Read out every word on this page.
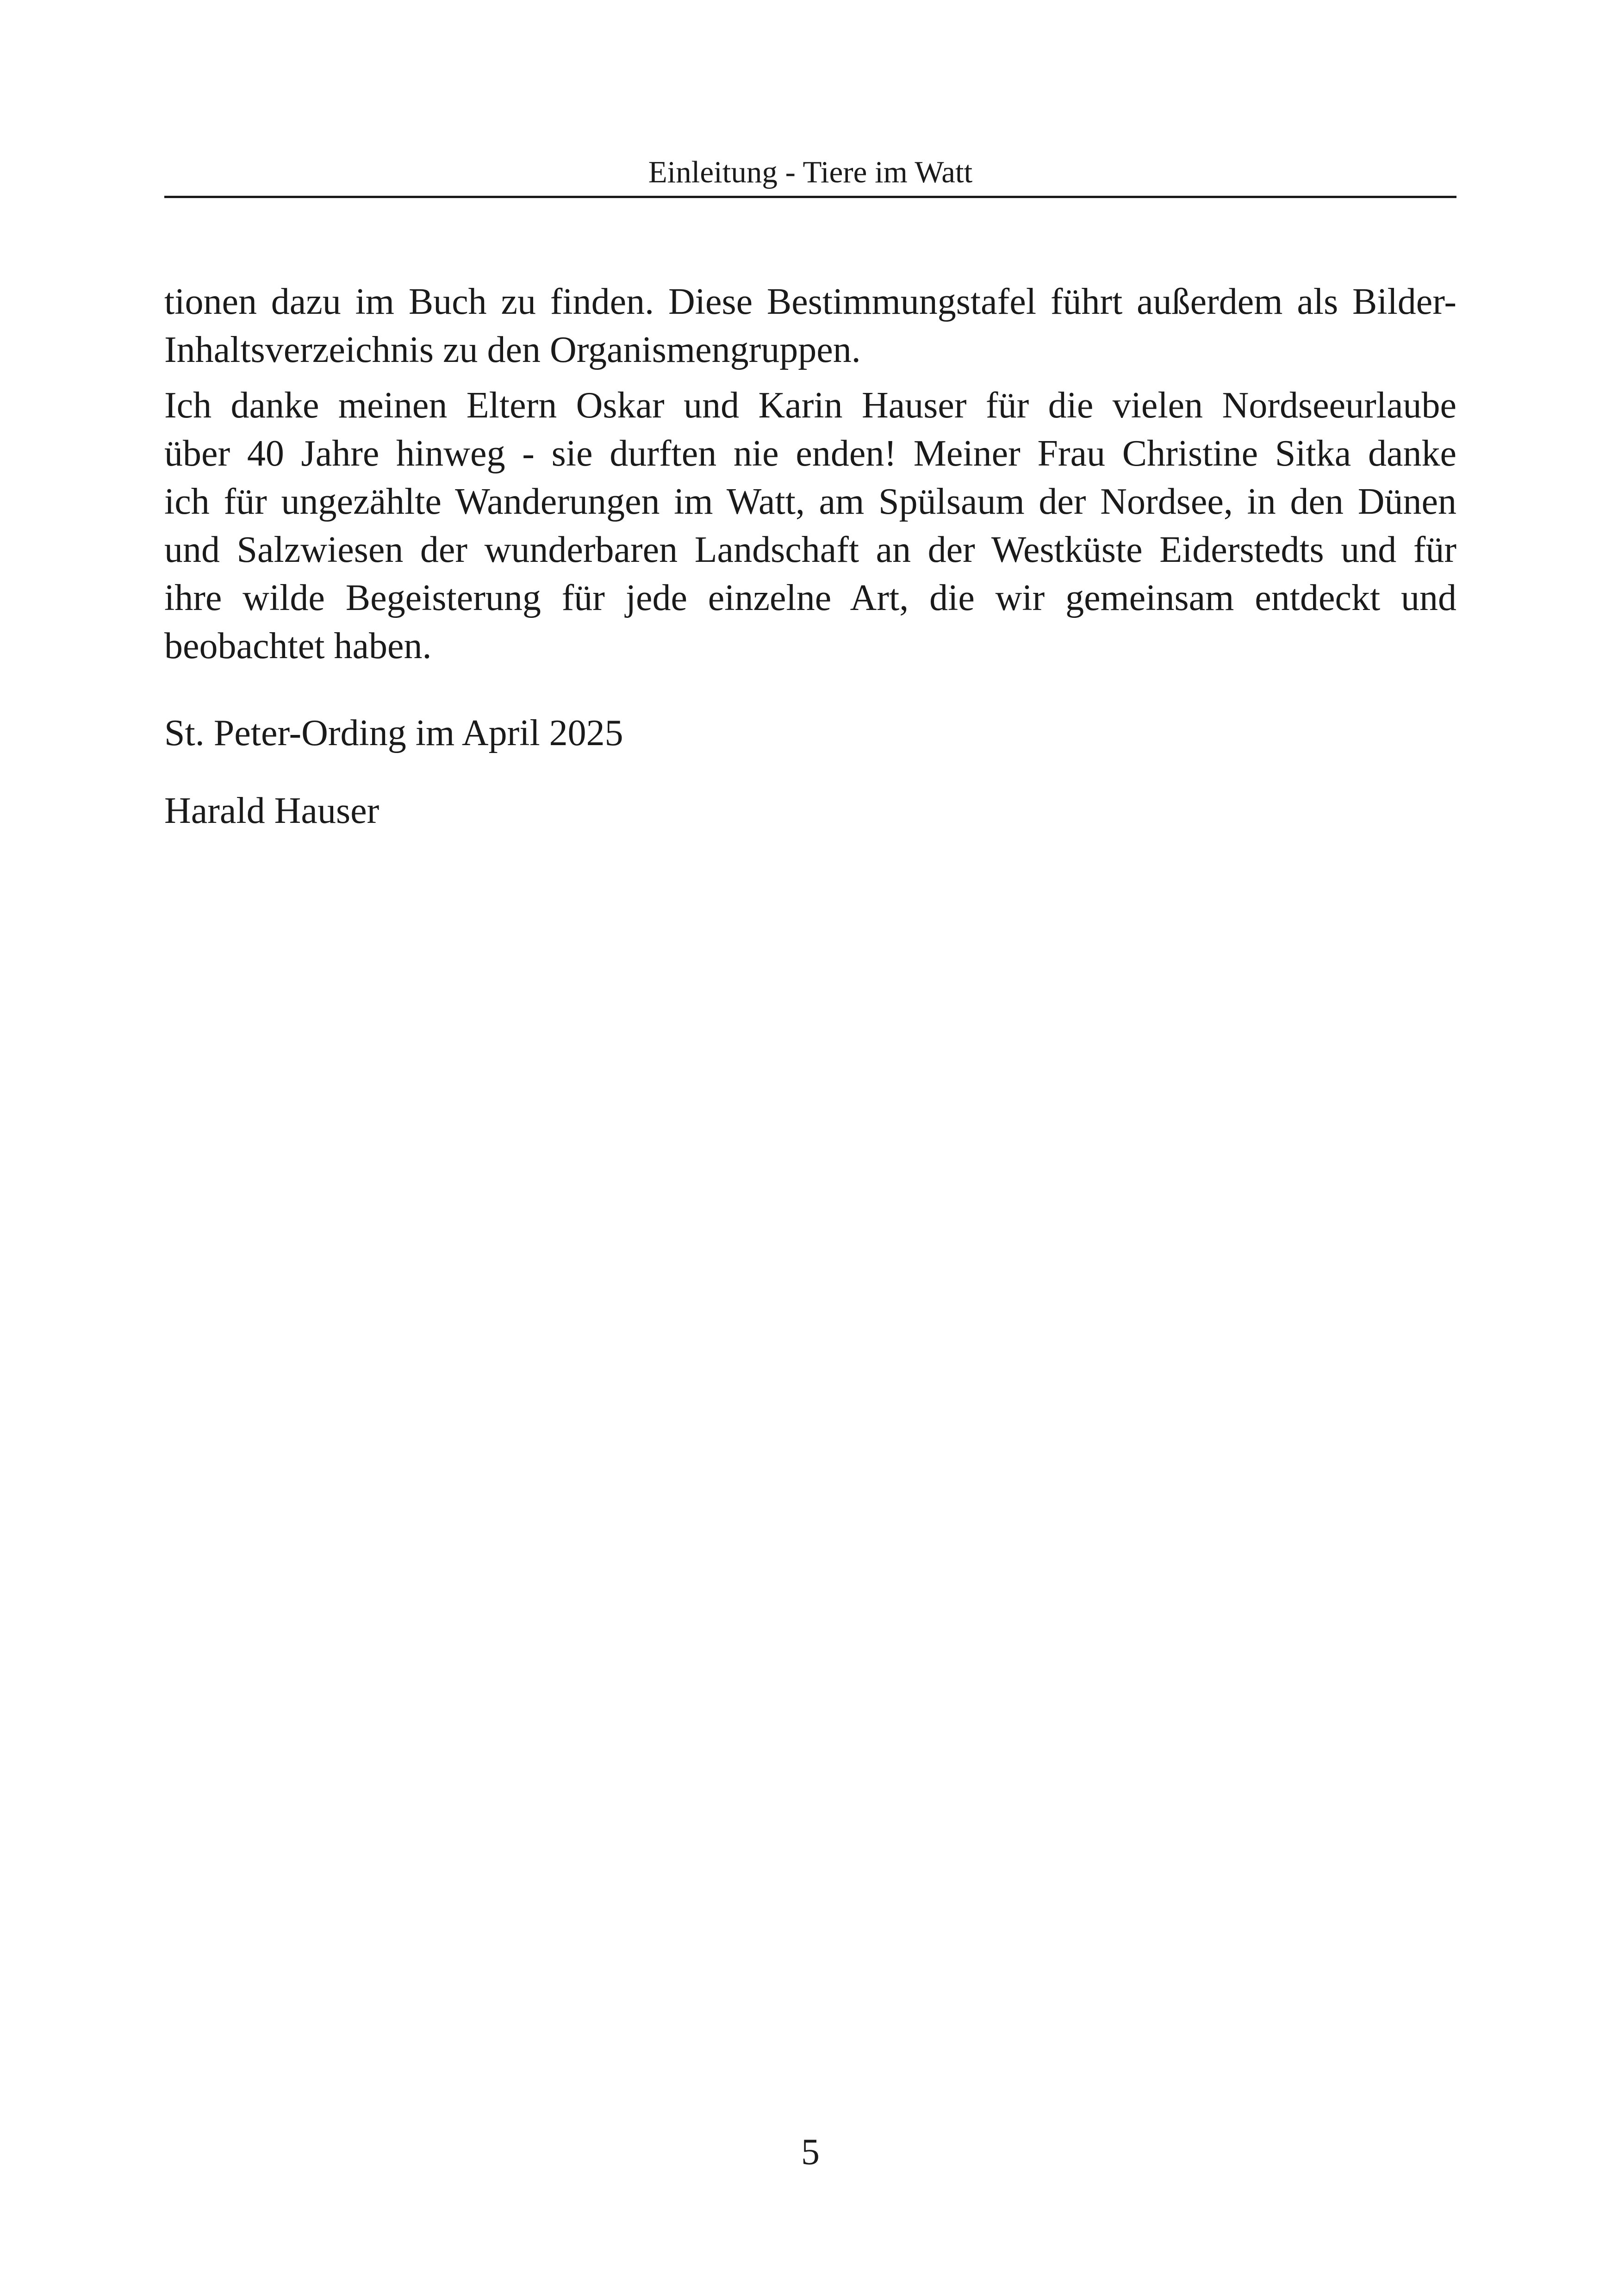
Einleitung - Tiere im Watt

tionen dazu im Buch zu finden. Diese Bestimmungstafel führt außerdem als Bilder-
Inhaltsverzeichnis zu den Organismengruppen.

Ich danke meinen Eltern Oskar und Karin Hauser für die vielen Nordseeurlaube
über 40 Jahre hinweg - sie durften nie enden! Meiner Frau Christine Sitka danke
ich für ungezählte Wanderungen im Watt, am Spülsaum der Nordsee, in den Dünen
und Salzwiesen der wunderbaren Landschaft an der Westküste Eiderstedts und für
ihre wilde Begeisterung für jede einzelne Art, die wir gemeinsam entdeckt und
beobachtet haben.

St. Peter-Ording im April 2025
Harald Hauser
5
